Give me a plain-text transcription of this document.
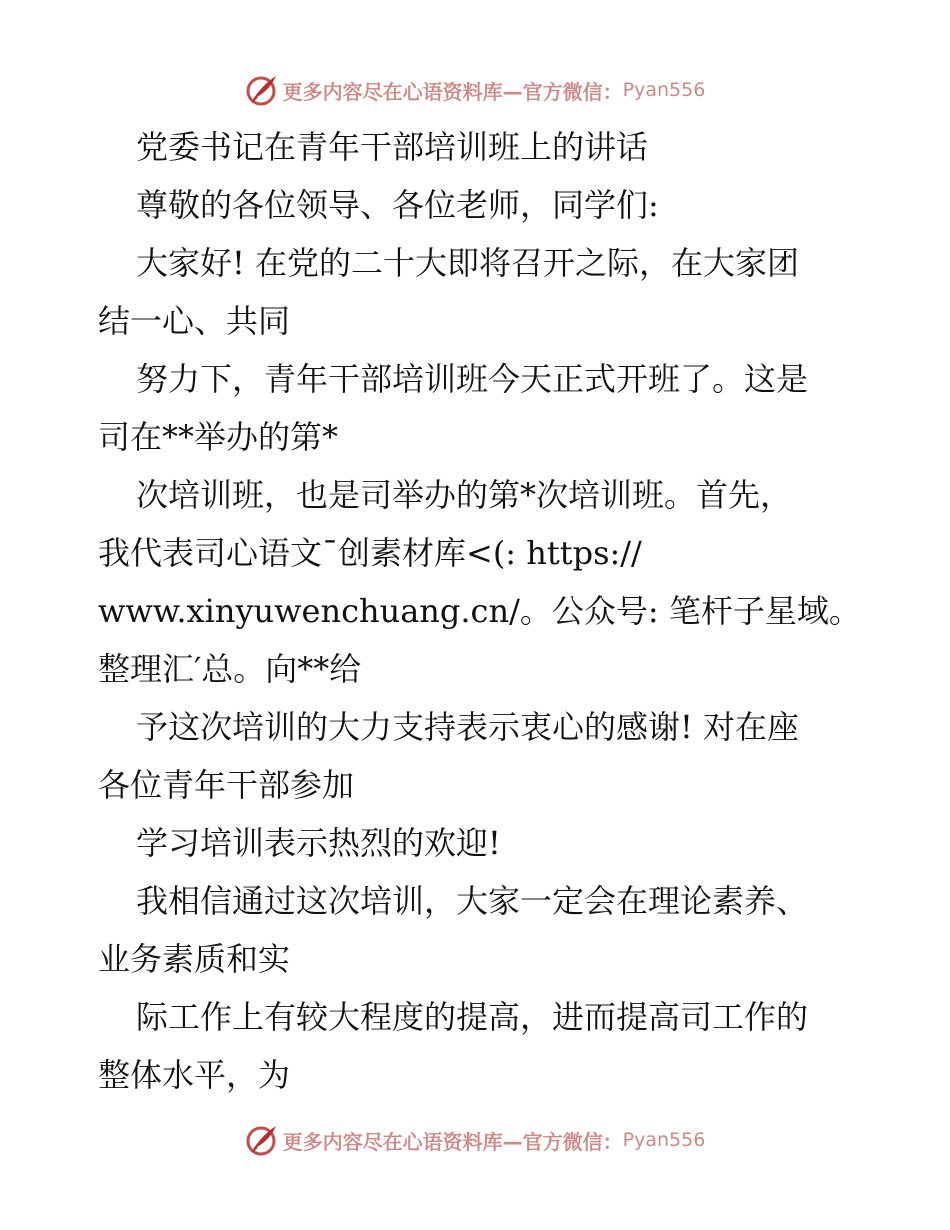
更多内容尽在心语资料库—官方微信： Pyan556
党委书记在青年干部培训班上的讲话
尊敬的各位领导、各位老师，同学们:
大家好! 在党的二十大即将召开之际，在大家团
结一心、共同
努力下，青年干部培训班今天正式开班了。这是
司在**举办的第*
次培训班，也是司举办的第*次培训班。首先，
我代表司心语文¯创素材库<(: https://
www.xinyuwenchuang.cn/。公众号: 笔杆子星域。
整理汇′总。向**给
予这次培训的大力支持表示衷心的感谢! 对在座
各位青年干部参加
学习培训表示热烈的欢迎!
我相信通过这次培训，大家一定会在理论素养、
业务素质和实
际工作上有较大程度的提高，进而提高司工作的
整体水平，为
更多内容尽在心语资料库—官方微信： Pyan556
